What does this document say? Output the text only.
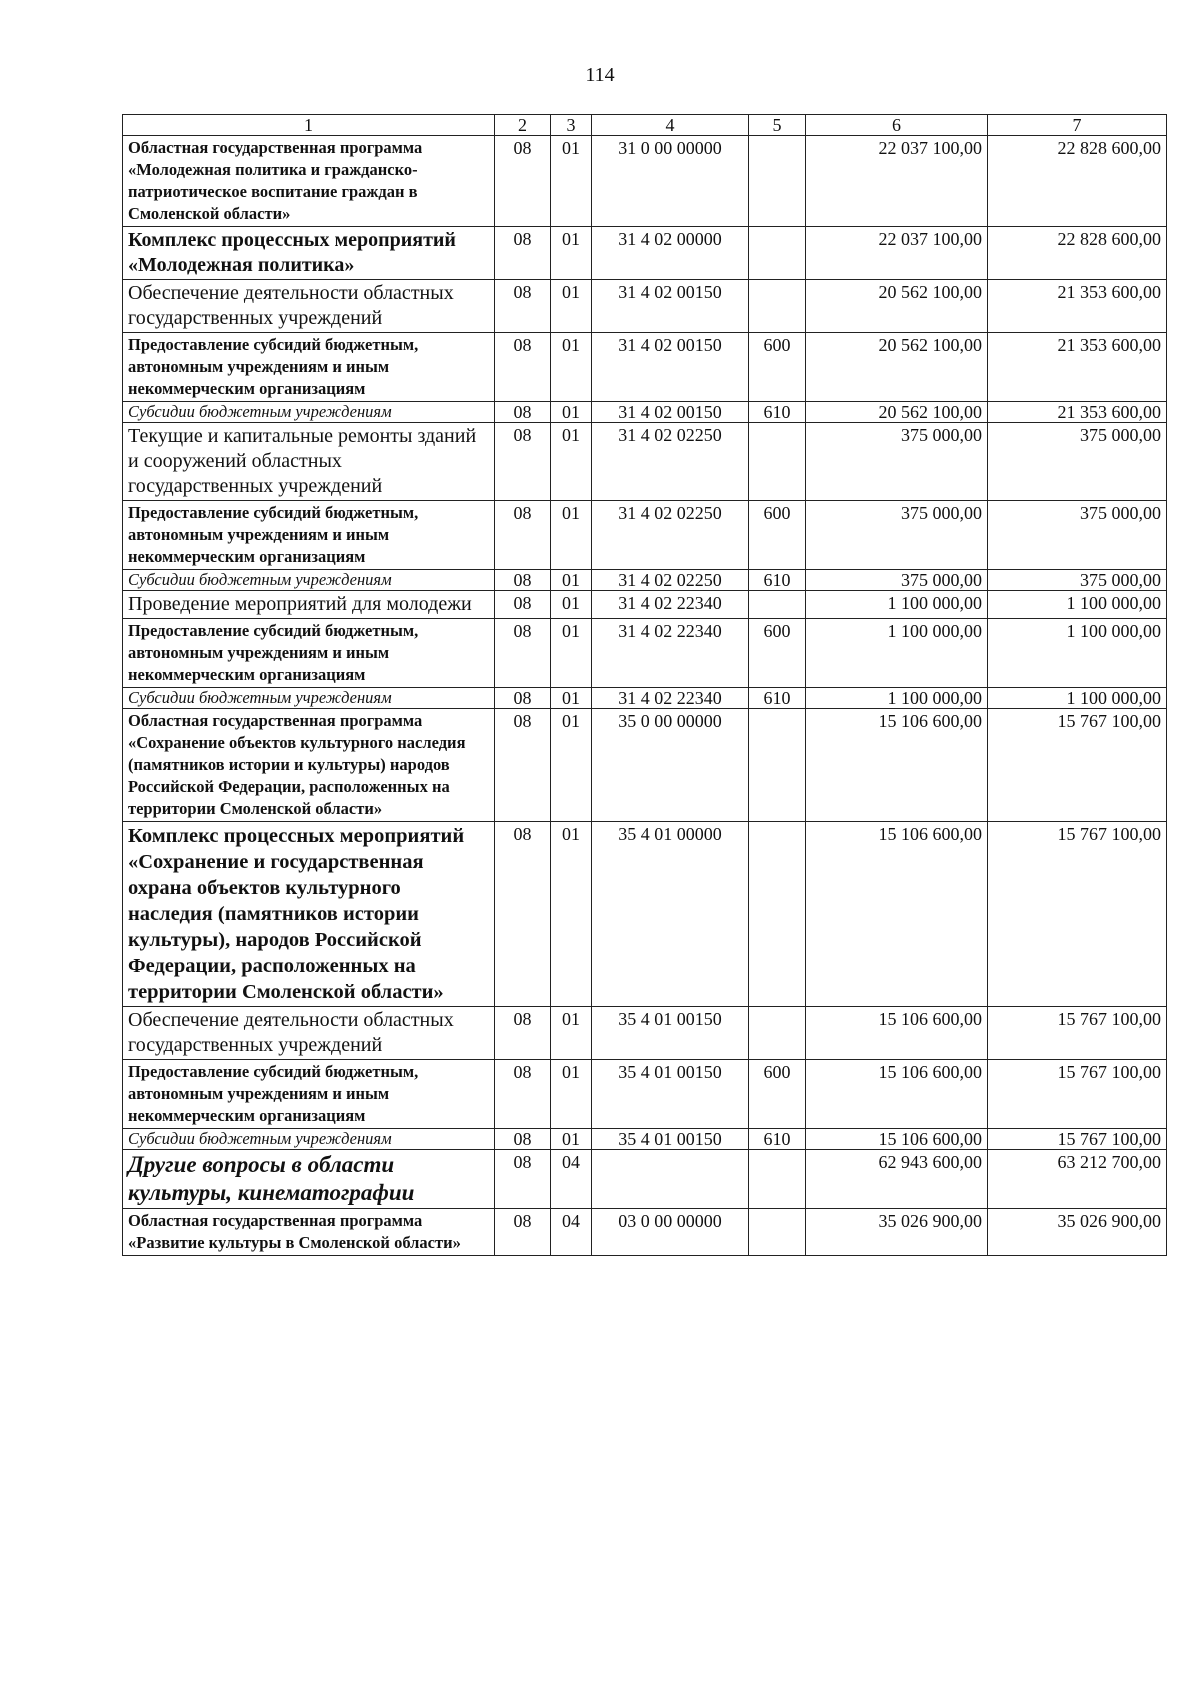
114
1	2	3	4	5	6	7

Областная государственная программа «Молодежная политика и гражданско-патриотическое воспитание граждан в Смоленской области»	08	01	31 0 00 00000		22 037 100,00	22 828 600,00

Комплекс процессных мероприятий «Молодежная политика»	08	01	31 4 02 00000		22 037 100,00	22 828 600,00

Обеспечение деятельности областных государственных учреждений	08	01	31 4 02 00150		20 562 100,00	21 353 600,00

Предоставление субсидий бюджетным, автономным учреждениям и иным некоммерческим организациям	08	01	31 4 02 00150	600	20 562 100,00	21 353 600,00

Субсидии бюджетным учреждениям	08	01	31 4 02 00150	610	20 562 100,00	21 353 600,00

Текущие и капитальные ремонты зданий и сооружений областных государственных учреждений	08	01	31 4 02 02250		375 000,00	375 000,00

Предоставление субсидий бюджетным, автономным учреждениям и иным некоммерческим организациям	08	01	31 4 02 02250	600	375 000,00	375 000,00

Субсидии бюджетным учреждениям	08	01	31 4 02 02250	610	375 000,00	375 000,00

Проведение мероприятий для молодежи	08	01	31 4 02 22340		1 100 000,00	1 100 000,00

Предоставление субсидий бюджетным, автономным учреждениям и иным некоммерческим организациям	08	01	31 4 02 22340	600	1 100 000,00	1 100 000,00

Субсидии бюджетным учреждениям	08	01	31 4 02 22340	610	1 100 000,00	1 100 000,00

Областная государственная программа «Сохранение объектов культурного наследия (памятников истории и культуры) народов Российской Федерации, расположенных на территории Смоленской области»	08	01	35 0 00 00000		15 106 600,00	15 767 100,00

Комплекс процессных мероприятий «Сохранение и государственная охрана объектов культурного наследия (памятников истории культуры), народов Российской Федерации, расположенных на территории Смоленской области»	08	01	35 4 01 00000		15 106 600,00	15 767 100,00

Обеспечение деятельности областных государственных учреждений	08	01	35 4 01 00150		15 106 600,00	15 767 100,00

Предоставление субсидий бюджетным, автономным учреждениям и иным некоммерческим организациям	08	01	35 4 01 00150	600	15 106 600,00	15 767 100,00

Субсидии бюджетным учреждениям	08	01	35 4 01 00150	610	15 106 600,00	15 767 100,00

Другие вопросы в области культуры, кинематографии	08	04			62 943 600,00	63 212 700,00

Областная государственная программа «Развитие культуры в Смоленской области»	08	04	03 0 00 00000		35 026 900,00	35 026 900,00
